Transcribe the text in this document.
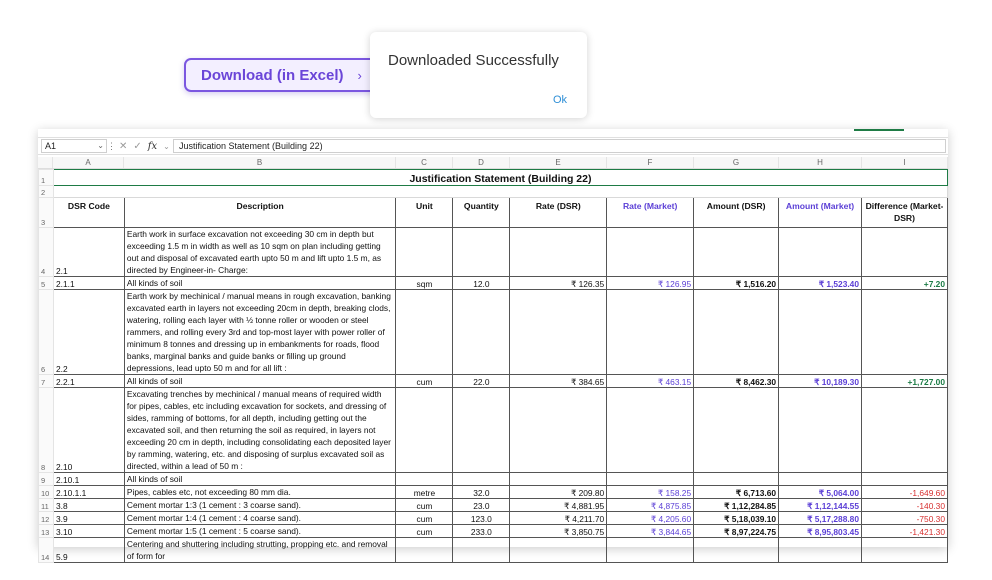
Download (in Excel) ›
Downloaded Successfully
Ok
A1	⌄ ⋮ ✕ ✓ fx ⌄	Justification Statement (Building 22)
A	B	C	D	E	F	G	H	I
1	Justification Statement (Building 22)								
2									
3	DSR Code	Description	Unit	Quantity	Rate (DSR)	Rate (Market)	Amount (DSR)	Amount (Market)	Difference (Market-DSR)
4	2.1	Earth work in surface excavation not exceeding 30 cm in depth but exceeding 1.5 m in width as well as 10 sqm on plan including getting out and disposal of excavated earth upto 50 m and lift upto 1.5 m, as directed by Engineer-in- Charge:							
5	2.1.1	All kinds of soil	sqm	12.0	₹ 126.35	₹ 126.95	₹ 1,516.20	₹ 1,523.40	+7.20
6	2.2	Earth work by mechinical / manual means in rough excavation, banking excavated earth in layers not exceeding 20cm in depth, breaking clods, watering, rolling each layer with ½ tonne roller or wooden or steel rammers, and rolling every 3rd and top-most layer with power roller of minimum 8 tonnes and dressing up in embankments for roads, flood banks, marginal banks and guide banks or filling up ground depressions, lead upto 50 m and for all lift :							
7	2.2.1	All kinds of soil	cum	22.0	₹ 384.65	₹ 463.15	₹ 8,462.30	₹ 10,189.30	+1,727.00
8	2.10	Excavating trenches by mechinical / manual means of required width for pipes, cables, etc including excavation for sockets, and dressing of sides, ramming of bottoms, for all depth, including getting out the excavated soil, and then returning the soil as required, in layers not exceeding 20 cm in depth, including consolidating each deposited layer by ramming, watering, etc. and disposing of surplus excavated soil as directed, within a lead of 50 m :							
9	2.10.1	All kinds of soil							
10	2.10.1.1	Pipes, cables etc, not exceeding 80 mm dia.	metre	32.0	₹ 209.80	₹ 158.25	₹ 6,713.60	₹ 5,064.00	-1,649.60
11	3.8	Cement mortar 1:3 (1 cement : 3 coarse sand).	cum	23.0	₹ 4,881.95	₹ 4,875.85	₹ 1,12,284.85	₹ 1,12,144.55	-140.30
12	3.9	Cement mortar 1:4 (1 cement : 4 coarse sand).	cum	123.0	₹ 4,211.70	₹ 4,205.60	₹ 5,18,039.10	₹ 5,17,288.80	-750.30
13	3.10	Cement mortar 1:5 (1 cement : 5 coarse sand).	cum	233.0	₹ 3,850.75	₹ 3,844.65	₹ 8,97,224.75	₹ 8,95,803.45	-1,421.30
14	5.9	Centering and shuttering including strutting, propping etc. and removal of form for							
